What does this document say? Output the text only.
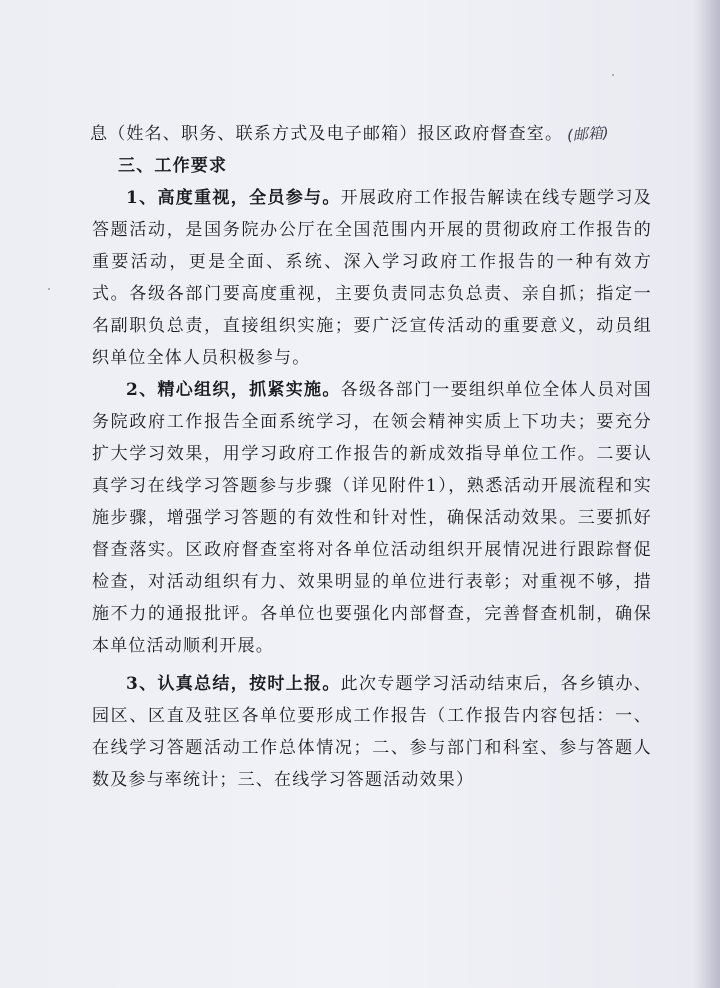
息（姓名、职务、联系方式及电子邮箱）报区政府督查室。 (邮箱)
三、工作要求
1、高度重视，全员参与。开展政府工作报告解读在线专题学习及答题活动，是国务院办公厅在全国范围内开展的贯彻政府工作报告的重要活动，更是全面、系统、深入学习政府工作报告的一种有效方式。各级各部门要高度重视，主要负责同志负总责、亲自抓；指定一名副职负总责，直接组织实施；要广泛宣传活动的重要意义，动员组织单位全体人员积极参与。
2、精心组织，抓紧实施。各级各部门一要组织单位全体人员对国务院政府工作报告全面系统学习，在领会精神实质上下功夫；要充分扩大学习效果，用学习政府工作报告的新成效指导单位工作。二要认真学习在线学习答题参与步骤（详见附件1），熟悉活动开展流程和实施步骤，增强学习答题的有效性和针对性，确保活动效果。三要抓好督查落实。区政府督查室将对各单位活动组织开展情况进行跟踪督促检查，对活动组织有力、效果明显的单位进行表彰；对重视不够，措施不力的通报批评。各单位也要强化内部督查，完善督查机制，确保本单位活动顺利开展。
3、认真总结，按时上报。此次专题学习活动结束后，各乡镇办、园区、区直及驻区各单位要形成工作报告（工作报告内容包括：一、在线学习答题活动工作总体情况；二、参与部门和科室、参与答题人数及参与率统计；三、在线学习答题活动效果）
